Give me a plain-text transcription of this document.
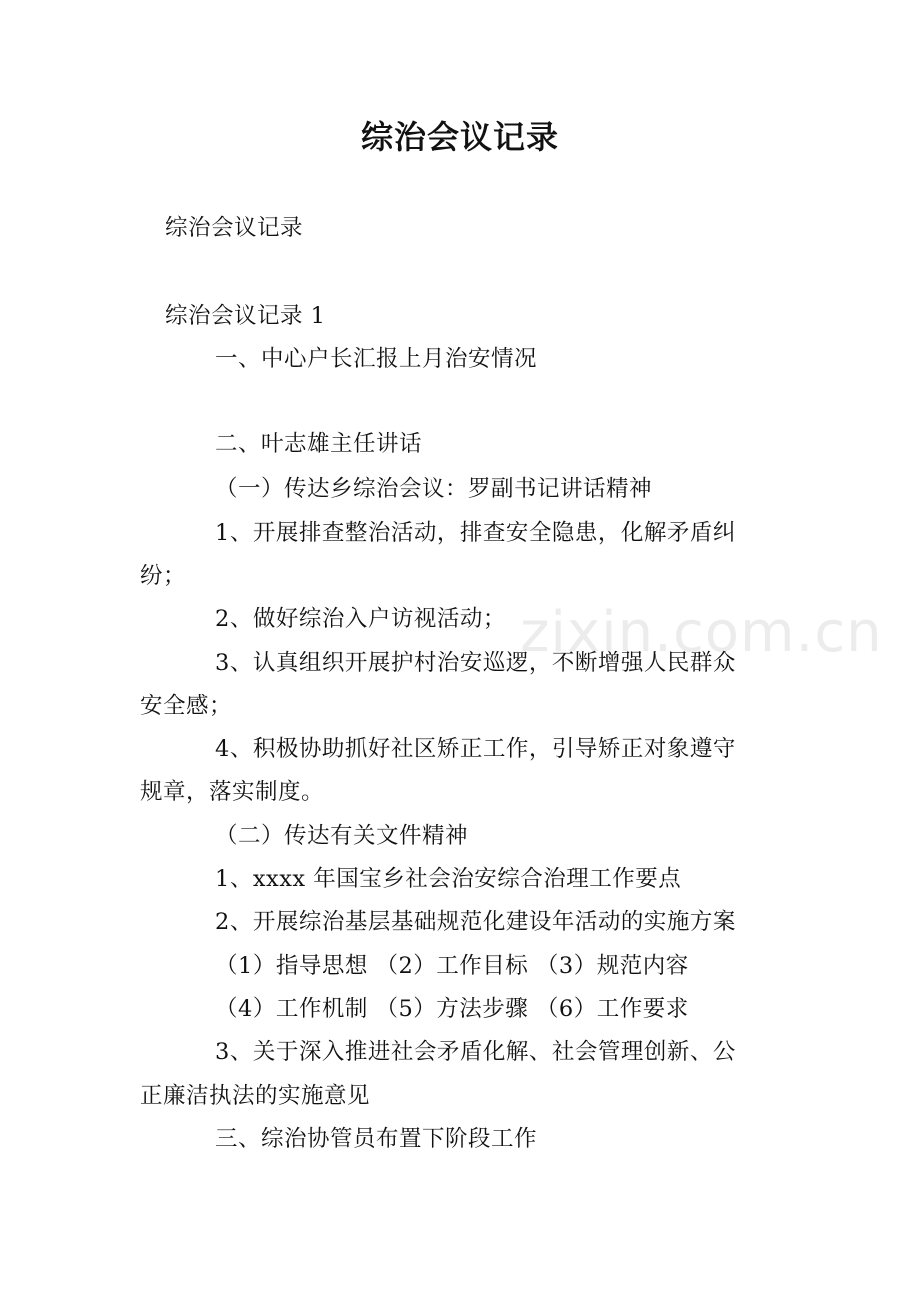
综治会议记录
综治会议记录
综治会议记录 1
一、中心户长汇报上月治安情况
二、叶志雄主任讲话
（一）传达乡综治会议：罗副书记讲话精神
1、开展排查整治活动，排查安全隐患，化解矛盾纠
纷；
2、做好综治入户访视活动；
3、认真组织开展护村治安巡逻，不断增强人民群众
安全感；
4、积极协助抓好社区矫正工作，引导矫正对象遵守
规章，落实制度。
（二）传达有关文件精神
1、xxxx 年国宝乡社会治安综合治理工作要点
2、开展综治基层基础规范化建设年活动的实施方案
（1）指导思想 （2）工作目标 （3）规范内容
（4）工作机制 （5）方法步骤 （6）工作要求
3、关于深入推进社会矛盾化解、社会管理创新、公
正廉洁执法的实施意见
三、综治协管员布置下阶段工作
zixin.com.cn
